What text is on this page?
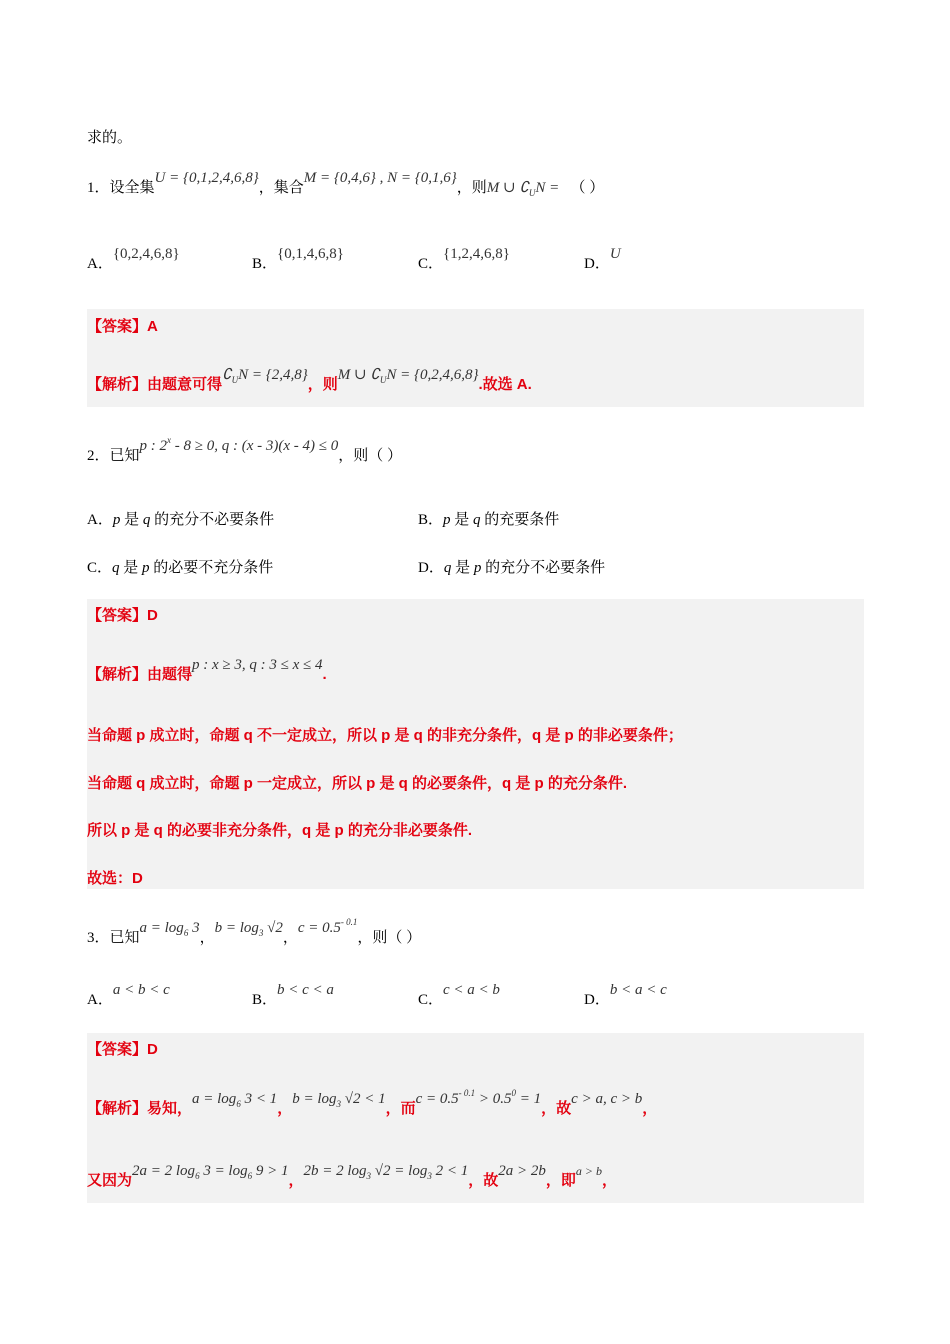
求的。
1．设全集U = {0,1,2,4,6,8}，集合M = {0,4,6} , N = {0,1,6}，则M ∪ $∁_UN$ = （ ）
A．{0,2,4,6,8}
B．{0,1,4,6,8}
C．{1,2,4,6,8}
D．U
【答案】A
【解析】由题意可得$∁_UN = \{2,4,8\}$，则M ∪ $∁_UN = \{0,2,4,6,8\}$.故选 A.
2．已知p : 2$^x$ - 8 ≥ 0, q : (x - 3)(x - 4) ≤ 0，则（ ）
A．p 是 q 的充分不必要条件	B．p 是 q 的充要条件
C．q 是 p 的必要不充分条件	D．q 是 p 的充分不必要条件
【答案】D
【解析】由题得p : x ≥ 3, q : 3 ≤ x ≤ 4.
当命题 p 成立时，命题 q 不一定成立，所以 p 是 q 的非充分条件，q 是 p 的非必要条件；
当命题 q 成立时，命题 p 一定成立，所以 p 是 q 的必要条件，q 是 p 的充分条件.
所以 p 是 q 的必要非充分条件，q 是 p 的充分非必要条件.
故选：D
3．已知$a = \log_6 3$，$b = \log_3 √2$，$c = 0.5^{- 0.1}$，则（ ）
A．a < b < c
B．b < c < a
C．c < a < b
D．b < a < c
【答案】D
【解析】易知，$a = \log_6 3 < 1$，$b = \log_3 √2 < 1$，而$c = 0.5^{- 0.1} > 0.5^0 = 1$，故c > a, c > b，
又因为2a = 2 $\log_6 3 = \log_6 9 > 1$，2b = 2 $\log_3 √2 = \log_3 2 < 1$，故2a > 2b，即$^{a > b}$，
